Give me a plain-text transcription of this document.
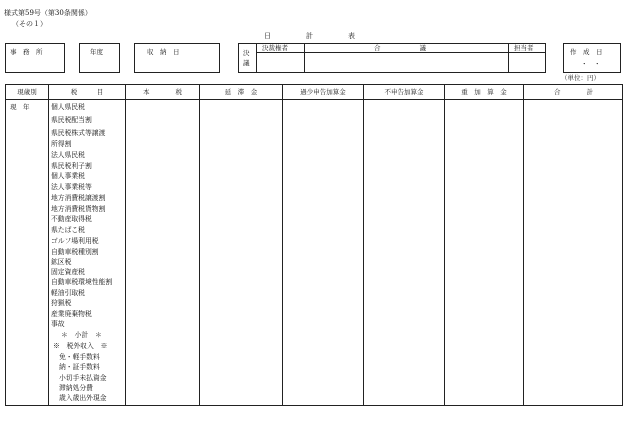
様式第59号（第30条関係）
（その１）
日　　　　　計　　　　　表
事　務　所	年度	収　納　日	決
議
決裁権者	合　　　　　　議	担当者	作　成　日
・　・
（単位：円）
現歳別	税　　　目	本　　　　税	延　滞　金	過少申告加算金	不申告加算金	重　加　算　金	合　　　　計
現　年	個人県民税
県民税配当割
県民税株式等譲渡
所得割
法人県民税
県民税利子割
個人事業税
法人事業税等
地方消費税譲渡割
地方消費税貨物割
不動産取得税
県たばこ税
ゴルフ場利用税
自動車税種別割
鉱区税
固定資産税
自動車税環境性能割
軽油引取税
狩猟税
産業廃棄物税
事故
＊　小計　＊
※　税外収入　※
免・軽手数料
納・証手数料
小切手未払資金
滞納処分費
歳入歳出外現金
